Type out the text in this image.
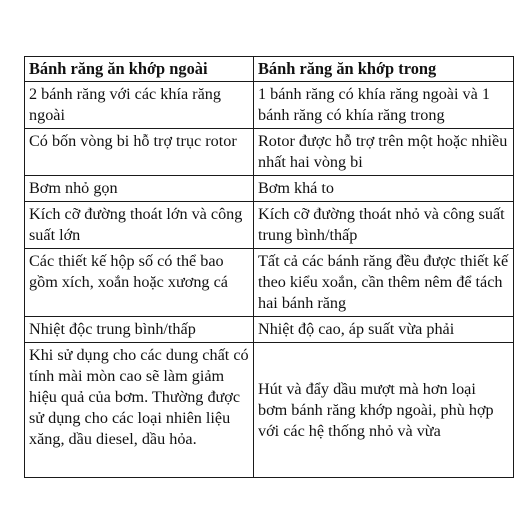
Bánh răng ăn khớp ngoài	Bánh răng ăn khớp trong
2 bánh răng với các khía răng ngoài	1 bánh răng có khía răng ngoài và 1 bánh răng có khía răng trong
Có bốn vòng bi hỗ trợ trục rotor	Rotor được hỗ trợ trên một hoặc nhiều nhất hai vòng bi
Bơm nhỏ gọn	Bơm khá to
Kích cỡ đường thoát lớn và công suất lớn	Kích cỡ đường thoát nhỏ và công suất trung bình/thấp
Các thiết kế hộp số có thể bao gồm xích, xoắn hoặc xương cá	Tất cả các bánh răng đều được thiết kế theo kiểu xoắn, cần thêm nêm để tách hai bánh răng
Nhiệt độc trung bình/thấp	Nhiệt độ cao, áp suất vừa phải
Khi sử dụng cho các dung chất có tính mài mòn cao sẽ làm giảm hiệu quả của bơm. Thường được sử dụng cho các loại nhiên liệu xăng, dầu diesel, dầu hỏa.	Hút và đẩy dầu mượt mà hơn loại bơm bánh răng khớp ngoài, phù hợp với các hệ thống nhỏ và vừa
